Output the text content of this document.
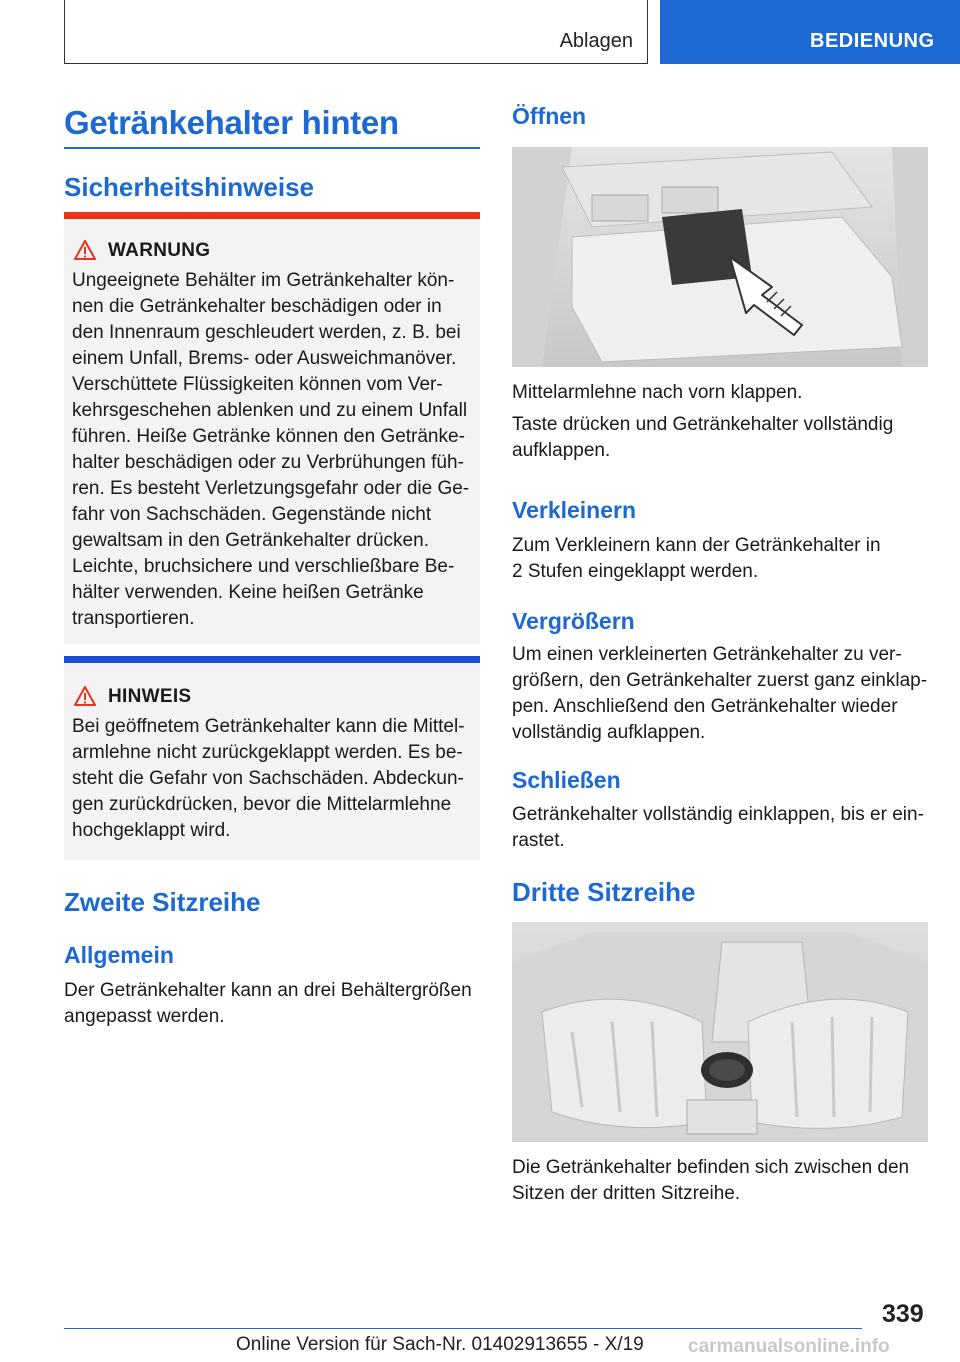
Ablagen	BEDIENUNG
Getränkehalter hinten
Sicherheitshinweise
WARNUNG

Ungeeignete Behälter im Getränkehalter kön-
nen die Getränkehalter beschädigen oder in
den Innenraum geschleudert werden, z. B. bei
einem Unfall, Brems- oder Ausweichmanöver.
Verschüttete Flüssigkeiten können vom Ver-
kehrsgeschehen ablenken und zu einem Unfall
führen. Heiße Getränke können den Getränke-
halter beschädigen oder zu Verbrühungen füh-
ren. Es besteht Verletzungsgefahr oder die Ge-
fahr von Sachschäden. Gegenstände nicht
gewaltsam in den Getränkehalter drücken.
Leichte, bruchsichere und verschließbare Be-
hälter verwenden. Keine heißen Getränke
transportieren.

HINWEIS

Bei geöffnetem Getränkehalter kann die Mittel-
armlehne nicht zurückgeklappt werden. Es be-
steht die Gefahr von Sachschäden. Abdeckun-
gen zurückdrücken, bevor die Mittelarmlehne
hochgeklappt wird.

Zweite Sitzreihe
Allgemein

Der Getränkehalter kann an drei Behältergrößen
angepasst werden.

Öffnen

Mittelarmlehne nach vorn klappen.

Taste drücken und Getränkehalter vollständig
aufklappen.

Verkleinern

Zum Verkleinern kann der Getränkehalter in
2 Stufen eingeklappt werden.

Vergrößern

Um einen verkleinerten Getränkehalter zu ver-
größern, den Getränkehalter zuerst ganz einklap-
pen. Anschließend den Getränkehalter wieder
vollständig aufklappen.

Schließen

Getränkehalter vollständig einklappen, bis er ein-
rastet.

Dritte Sitzreihe

Die Getränkehalter befinden sich zwischen den
Sitzen der dritten Sitzreihe.

339
Online Version für Sach-Nr. 01402913655 - X/19 carmanualsonline.info
